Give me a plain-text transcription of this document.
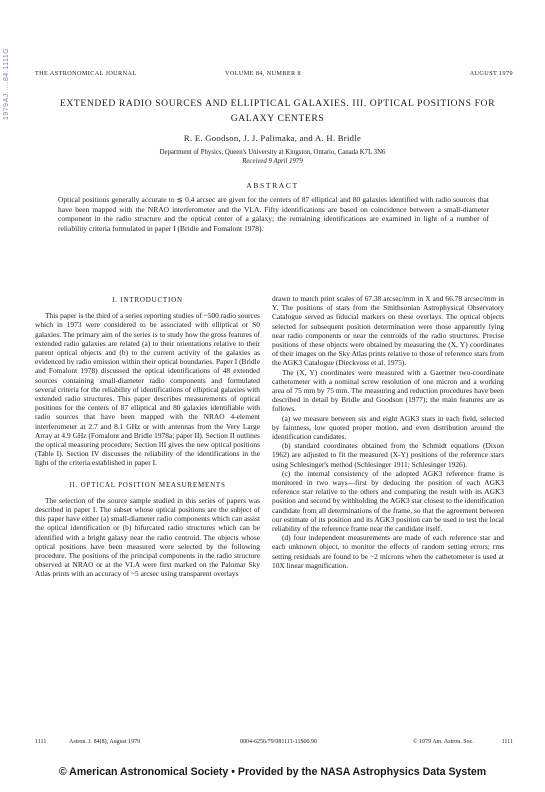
1979AJ.....84.1111G	THE ASTRONOMICAL JOURNAL	VOLUME 84, NUMBER 8	AUGUST 1979
EXTENDED RADIO SOURCES AND ELLIPTICAL GALAXIES. III. OPTICAL POSITIONS FOR GALAXY CENTERS
R. E. Goodson, J. J. Palimaka, and A. H. Bridle
Department of Physics, Queen's University at Kingston, Ontario, Canada K7L 3N6
Received 9 April 1979
ABSTRACT
Optical positions generally accurate to ≲ 0.4 arcsec are given for the centers of 87 elliptical and 80 galaxies identified with radio sources that have been mapped with the NRAO interferometer and the VLA. Fifty identifications are based on coincidence between a small-diameter component in the radio structure and the optical center of a galaxy; the remaining identifications are examined in light of a number of reliability criteria formulated in paper I (Bridle and Fomalont 1978).
I. INTRODUCTION

This paper is the third of a series reporting studies of ~500 radio sources which in 1973 were considered to be associated with elliptical or S0 galaxies. The primary aim of the series is to study how the gross features of extended radio galaxies are related (a) to their orientations relative to their parent optical objects and (b) to the current activity of the galaxies as evidenced by radio emission within their optical boundaries. Paper I (Bridle and Fomalont 1978) discussed the optical identifications of 48 extended sources containing small-diameter radio components and formulated several criteria for the reliability of identifications of elliptical galaxies with extended radio structures. This paper describes measurements of optical positions for the centers of 87 elliptical and 80 galaxies identifiable with radio sources that have been mapped with the NRAO 4-element interferometer at 2.7 and 8.1 GHz or with antennas from the Very Large Array at 4.9 GHz (Fomalont and Bridle 1978a; paper II). Section II outlines the optical measuring procedure; Section III gives the new optical positions (Table I). Section IV discusses the reliability of the identifications in the light of the criteria established in paper I.

II. OPTICAL POSITION MEASUREMENTS

The selection of the source sample studied in this series of papers was described in paper I. The subset whose optical positions are the subject of this paper have either (a) small-diameter radio components which can assist the optical identification or (b) bifurcated radio structures which can be identified with a bright galaxy near the radio centroid. The objects whose optical positions have been measured were selected by the following procedure. The positions of the principal components in the radio structure observed at NRAO or at the VLA were first marked on the Palomar Sky Atlas prints with an accuracy of ~5 arcsec using transparent overlays

drawn to match print scales of 67.38 arcsec/mm in X and 66.78 arcsec/mm in Y. The positions of stars from the Smithsonian Astrophysical Observatory Catalogue served as fiducial markers on these overlays. The optical objects selected for subsequent position determination were those apparently lying near radio components or near the centroids of the radio structures. Precise positions of these objects were obtained by measuring the (X, Y) coordinates of their images on the Sky Atlas prints relative to those of reference stars from the AGK3 Catalogue (Dieckvoss et al. 1975).

The (X, Y) coordinates were measured with a Gaertner two-coordinate cathetometer with a nominal screw resolution of one micron and a working area of 75 mm by 75 mm. The measuring and reduction procedures have been described in detail by Bridle and Goodson (1977); the main features are as follows.

(a) we measure between six and eight AGK3 stars in each field, selected by faintness, low quoted proper motion, and even distribution around the identification candidates.

(b) standard coordinates obtained from the Schmidt equations (Dixon 1962) are adjusted to fit the measured (X-Y) positions of the reference stars using Schlesinger's method (Schlesinger 1911; Schlesinger 1926).

(c) the internal consistency of the adopted AGK3 reference frame is monitored in two ways—first by deducing the position of each AGK3 reference star relative to the others and comparing the result with its AGK3 position and second by withholding the AGK3 star closest to the identification candidate from all determinations of the frame, so that the agreement between our estimate of its position and its AGK3 position can be used to test the local reliability of the reference frame near the candidate itself.

(d) four independent measurements are made of each reference star and each unknown object, to monitor the effects of random setting errors; rms setting residuals are found to be ~2 microns when the cathetometer is used at 10X linear magnification.

1111	Astron. J. 84(8), August 1979	0004-6256/79/081111-11$00.90	© 1979 Am. Astron. Soc.	1111
© American Astronomical Society • Provided by the NASA Astrophysics Data System
